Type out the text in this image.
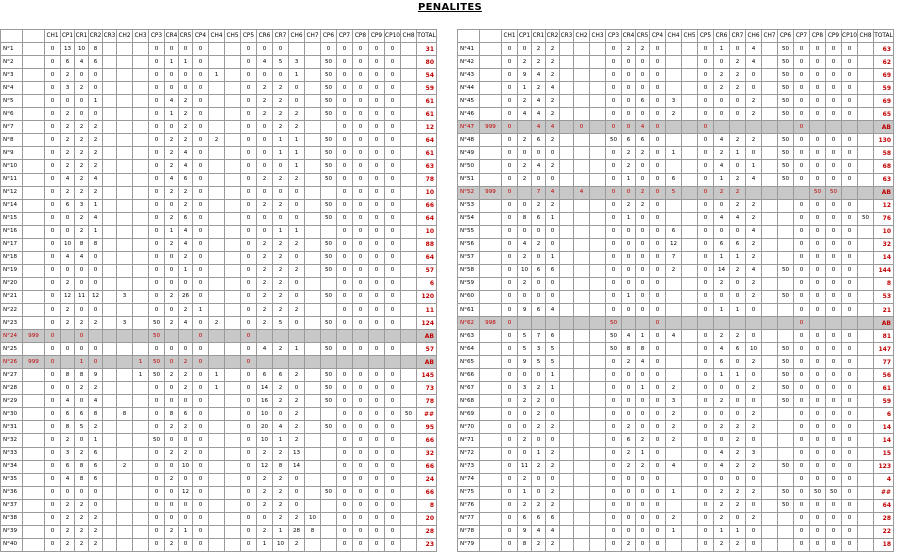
PENALITES
		CH1	CP1	CR1	CR2	CR3	CH2	CH3	CP3	CR4	CR5	CP4	CH4	CH5	CP5	CR6	CR7	CH6	CH7	CP6	CP7	CP8	CP9	CP10	CH8	TOTAL
N°1		0	13	10	8				0	0	0	0			0	0	0			0	0	0	0	0		31
N°2		0	6	4	6				0	1	1	0			0	4	5	3		50	0	0	0	0		80
N°3		0	2	0	0				0	0	0	0	1		0	0	0	1		50	0	0	0	0		54
N°4		0	3	2	0				0	0	0	0			0	2	2	0		50	0	0	0	0		59
N°5		0	0	0	1				0	4	2	0			0	2	2	0		50	0	0	0	0		61
N°6		0	2	0	0				0	1	2	0			0	2	2	2		50	0	0	0	0		61
N°7		0	2	2	2				0	0	2	0			0	0	2	2			0	0	0	0		12
N°8		0	2	2	2				0	2	2	0	2		0	0	1	1		50	0	0	0	0		64
N°9		0	2	2	2				0	2	4	0			0	0	1	1		50	0	0	0	0		61
N°10		0	2	2	2				0	2	4	0			0	0	0	1		50	0	0	0	0		63
N°11		0	4	2	4				0	4	6	0			0	2	2	2		50	0	0	0	0		78
N°12		0	2	2	2				0	2	2	0			0	0	0	0			0	0	0	0		10
N°14		0	6	3	1				0	0	2	0			0	2	2	0		50	0	0	0	0		66
N°15		0	0	2	4				0	2	6	0			0	0	0	0		50	0	0	0	0		64
N°16		0	0	2	1				0	1	4	0			0	0	1	1			0	0	0	0		10
N°17		0	10	8	8				0	2	4	0			0	2	2	2		50	0	0	0	0		88
N°18		0	4	4	0				0	0	2	0			0	2	2	0		50	0	0	0	0		64
N°19		0	0	0	0				0	0	1	0			0	2	2	2		50	0	0	0	0		57
N°20		0	2	0	0				0	0	0	0			0	2	2	0			0	0	0	0		6
N°21		0	12	11	12		3		0	2	26	0			0	2	2	0		50	0	0	0	0		120
N°22		0	2	0	0				0	0	2	1			0	2	2	2			0	0	0	0		11
N°23		0	2	2	2		3		50	2	4	0	2		0	2	5	0		50	0	0	0	0		124
N°24	999	0		0					50			0			0											AB
N°25		0	0	0	0				0	0	0	0			0	4	2	1		50	0	0	0	0		57
N°26	999	0		1	0			1	50	0	2	0			0											AB
N°27		0	8	8	9			1	50	2	2	0	1		0	6	6	2		50	0	0	0	0		145
N°28		0	0	2	2				0	0	2	0	1		0	14	2	0		50	0	0	0	0		73
N°29		0	4	0	4				0	0	0	0			0	16	2	2		50	0	0	0	0		78
N°30		0	6	6	8		8		0	8	6	0			0	10	0	2			0	0	0	0	50	##
N°31		0	8	5	2				0	2	2	0			0	20	4	2		50	0	0	0	0		95
N°32		0	2	0	1				50	0	0	0			0	10	1	2			0	0	0	0		66
N°33		0	3	2	6				0	2	2	0			0	2	2	13			0	0	0	0		32
N°34		0	6	8	6		2		0	0	10	0			0	12	8	14			0	0	0	0		66
N°35		0	4	8	6				0	2	0	0			0	2	2	0			0	0	0	0		24
N°36		0	0	0	0				0	0	12	0			0	2	2	0		50	0	0	0	0		66
N°37		0	2	2	0				0	0	0	0			0	2	2	0			0	0	0	0		8
N°38		0	2	2	2				0	0	0	0			0	0	2	2	10		0	0	0	0		20
N°39		0	2	2	2				0	2	1	0			0	2	1	28	8		0	0	0	0		28
N°40		0	2	2	2				0	2	0	0			0	1	10	2			0	0	0	0		23
		CH1	CP1	CR1	CR2	CR3	CH2	CH3	CP3	CR4	CR5	CP4	CH4	CH5	CP5	CR6	CR7	CH6	CH7	CP6	CP7	CP8	CP9	CP10	CH8	TOTAL
N°41		0	0	2	2				0	2	2	0			0	1	0	4		50	0	0	0	0		63
N°42		0	2	2	2				0	0	0	0			0	0	2	4		50	0	0	0	0		62
N°43		0	9	4	2				0	0	0	0			0	2	2	0		50	0	0	0	0		69
N°44		0	1	2	4				0	0	0	0			0	2	2	0		50	0	0	0	0		59
N°45		0	2	4	2				0	0	6	0	3		0	0	0	2		50	0	0	0	0		69
N°46		0	4	4	2				0	0	0	0	2		0	0	0	2		50	0	0	0	0		65
N°47	999	0		4	4		0		0	0	4	0			0						0					AB
N°48		0	2	6	2				50	6	6	0			0	4	2	2		50	0	0	0	0		130
N°49		0	0	0	0				0	2	2	0	1		0	2	1	0		50	0	0	0	0		58
N°50		0	2	4	2				0	2	0	0			0	4	0	1		50	0	0	0	0		68
N°51		0	2	0	0				0	1	0	0	6		0	1	2	4		50	0	0	0	0		63
N°52	999	0		7	4		4		0	0	2	0	5		0	2	2					50	50			AB
N°53		0	0	2	2				0	2	2	0			0	0	2	2			0	0	0	0		12
N°54		0	8	6	1				0	1	0	0			0	4	4	2			0	0	0	0	50	76
N°55		0	0	0	0				0	0	0	0	6		0	0	0	4			0	0	0	0		10
N°56		0	4	2	0				0	0	0	0	12		0	6	6	2			0	0	0	0		32
N°57		0	2	0	1				0	0	0	0	7		0	1	1	2			0	0	0	0		14
N°58		0	10	6	6				0	0	0	0	2		0	14	2	4		50	0	0	0	0		144
N°59		0	2	0	0				0	0	0	0			0	2	0	2			0	0	0	0		8
N°60		0	0	0	0				0	1	0	0			0	0	0	2		50	0	0	0	0		53
N°61		0	9	6	4				0	0	0	0			0	1	1	0			0	0	0	0		21
N°62	998	0							50			0									0					AB
N°63		0	5	7	6				50	4	1	0	4		0	2	2	0			0	0	0	0		81
N°64		0	5	3	5				50	8	8	0			0	4	6	10		50	0	0	0	0		147
N°65		0	9	5	5				0	2	4	0			0	6	0	2		50	0	0	0	0		77
N°66		0	0	0	1				0	0	0	0			0	1	1	0		50	0	0	0	0		56
N°67		0	3	2	1				0	0	1	0	2		0	0	0	2		50	0	0	0	0		61
N°68		0	2	2	0				0	0	0	0	3		0	2	0	0		50	0	0	0	0		59
N°69		0	0	2	0				0	0	0	0	2		0	0	0	2			0	0	0	0		6
N°70		0	0	2	2				0	2	0	0	2		0	2	2	2			0	0	0	0		14
N°71		0	2	0	0				0	6	2	0	2		0	0	2	0			0	0	0	0		14
N°72		0	0	1	2				0	2	1	0			0	4	2	3			0	0	0	0		15
N°73		0	11	2	2				0	2	2	0	4		0	4	2	2		50	0	0	0	0		123
N°74		0	2	0	0				0	0	0	0			0	0	0	0			0	0	0	0		4
N°75		0	1	0	2				0	0	0	0	1		0	2	2	2		50	0	50	50	0		##
N°76		0	2	2	2				0	0	0	0			0	2	2	0		50	0	0	0	0		64
N°77		0	6	6	6				0	0	0	0	2		0	2	0	2			0	0	0	0		28
N°78		0	9	4	4				0	0	0	0	1		0	1	1	0			0	0	0	0		22
N°79		0	8	2	2				0	2	0	0			0	2	2	0			0	0	0	0		18
